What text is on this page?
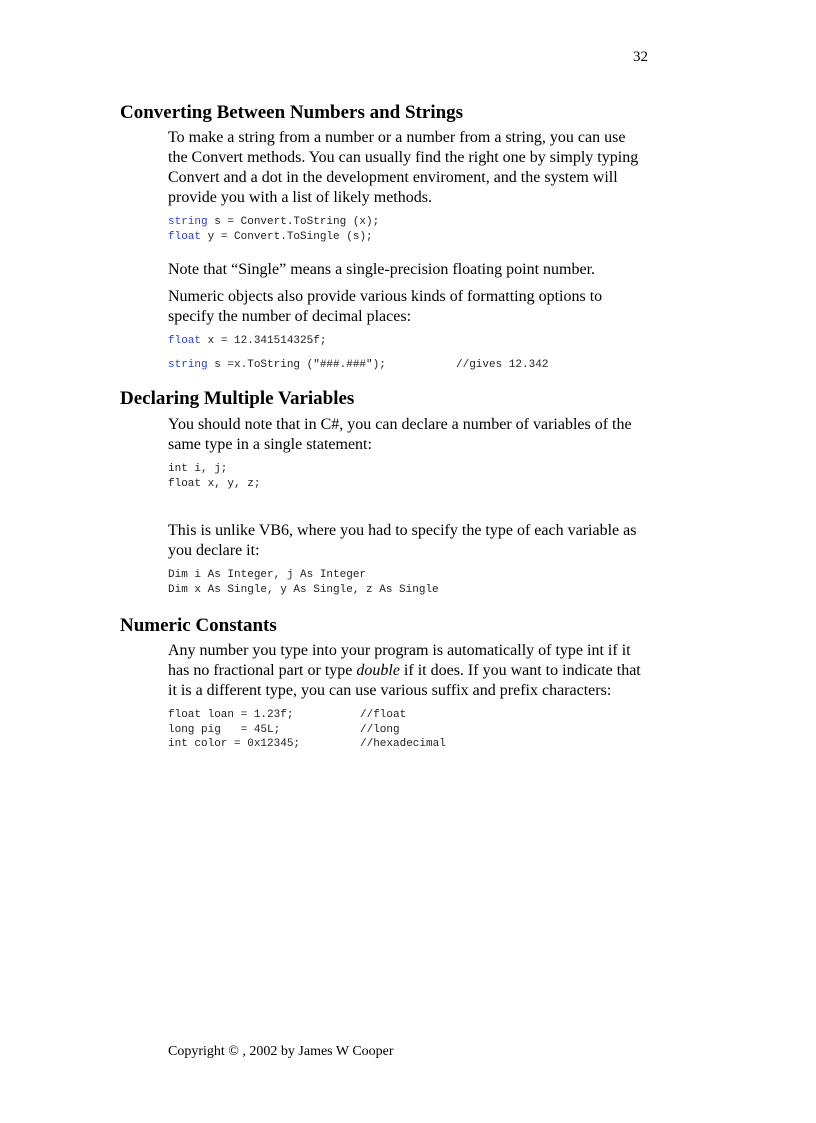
32
Converting Between Numbers and Strings

To make a string from a number or a number from a string, you can use the Convert methods. You can usually find the right one by simply typing Convert and a dot in the development enviroment, and the system will provide you with a list of likely methods.

string s = Convert.ToString (x);
float y = Convert.ToSingle (s);

Note that “Single” means a single-precision floating point number.

Numeric objects also provide various kinds of formatting options to specify the number of decimal places:

float x = 12.341514325f;
string s =x.ToString ("###.###");	//gives 12.342
Declaring Multiple Variables

You should note that in C#, you can declare a number of variables of the same type in a single statement:

int i, j;
float x, y, z;

This is unlike VB6, where you had to specify the type of each variable as you declare it:

Dim i As Integer, j As Integer
Dim x As Single, y As Single, z As Single
Numeric Constants

Any number you type into your program is automatically of type int if it has no fractional part or type double if it does. If you want to indicate that it is a different type, you can use various suffix and prefix characters:

float loan = 1.23f;	//float
long pig   = 45L;	//long
int color = 0x12345;	//hexadecimal
Copyright © , 2002 by James W Cooper
